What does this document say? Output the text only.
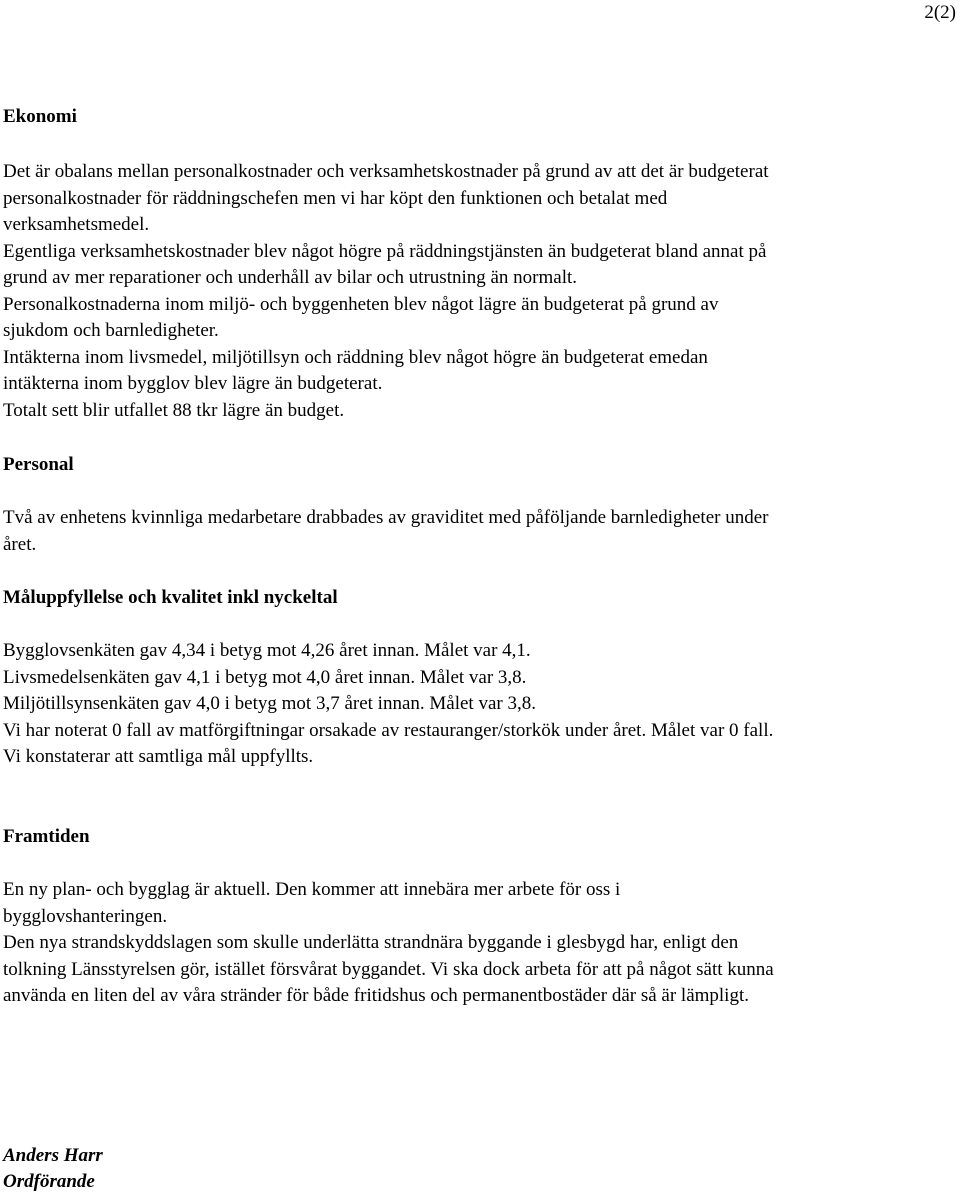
2(2)
Ekonomi
Det är obalans mellan personalkostnader och verksamhetskostnader på grund av att det är budgeterat
personalkostnader för räddningschefen men vi har köpt den funktionen och betalat med
verksamhetsmedel.
Egentliga verksamhetskostnader blev något högre på räddningstjänsten än budgeterat bland annat på
grund av mer reparationer och underhåll av bilar och utrustning än normalt.
Personalkostnaderna inom miljö- och byggenheten blev något lägre än budgeterat på grund av
sjukdom och barnledigheter.
Intäkterna inom livsmedel, miljötillsyn och räddning blev något högre än budgeterat emedan
intäkterna inom bygglov blev lägre än budgeterat.
Totalt sett blir utfallet 88 tkr lägre än budget.
Personal
Två av enhetens kvinnliga medarbetare drabbades av graviditet med påföljande barnledigheter under
året.
Måluppfyllelse och kvalitet inkl nyckeltal
Bygglovsenkäten gav 4,34 i betyg mot 4,26 året innan. Målet var 4,1.
Livsmedelsenkäten gav 4,1 i betyg mot 4,0 året innan. Målet var 3,8.
Miljötillsynsenkäten gav 4,0 i betyg mot 3,7 året innan. Målet var 3,8.
Vi har noterat 0 fall av matförgiftningar orsakade av restauranger/storkök under året. Målet var 0 fall.
Vi konstaterar att samtliga mål uppfyllts.
Framtiden
En ny plan- och bygglag är aktuell. Den kommer att innebära mer arbete för oss i
bygglovshanteringen.
Den nya strandskyddslagen som skulle underlätta strandnära byggande i glesbygd har, enligt den
tolkning Länsstyrelsen gör, istället försvårat byggandet. Vi ska dock arbeta för att på något sätt kunna
använda en liten del av våra stränder för både fritidshus och permanentbostäder där så är lämpligt.
Anders Harr
Ordförande
